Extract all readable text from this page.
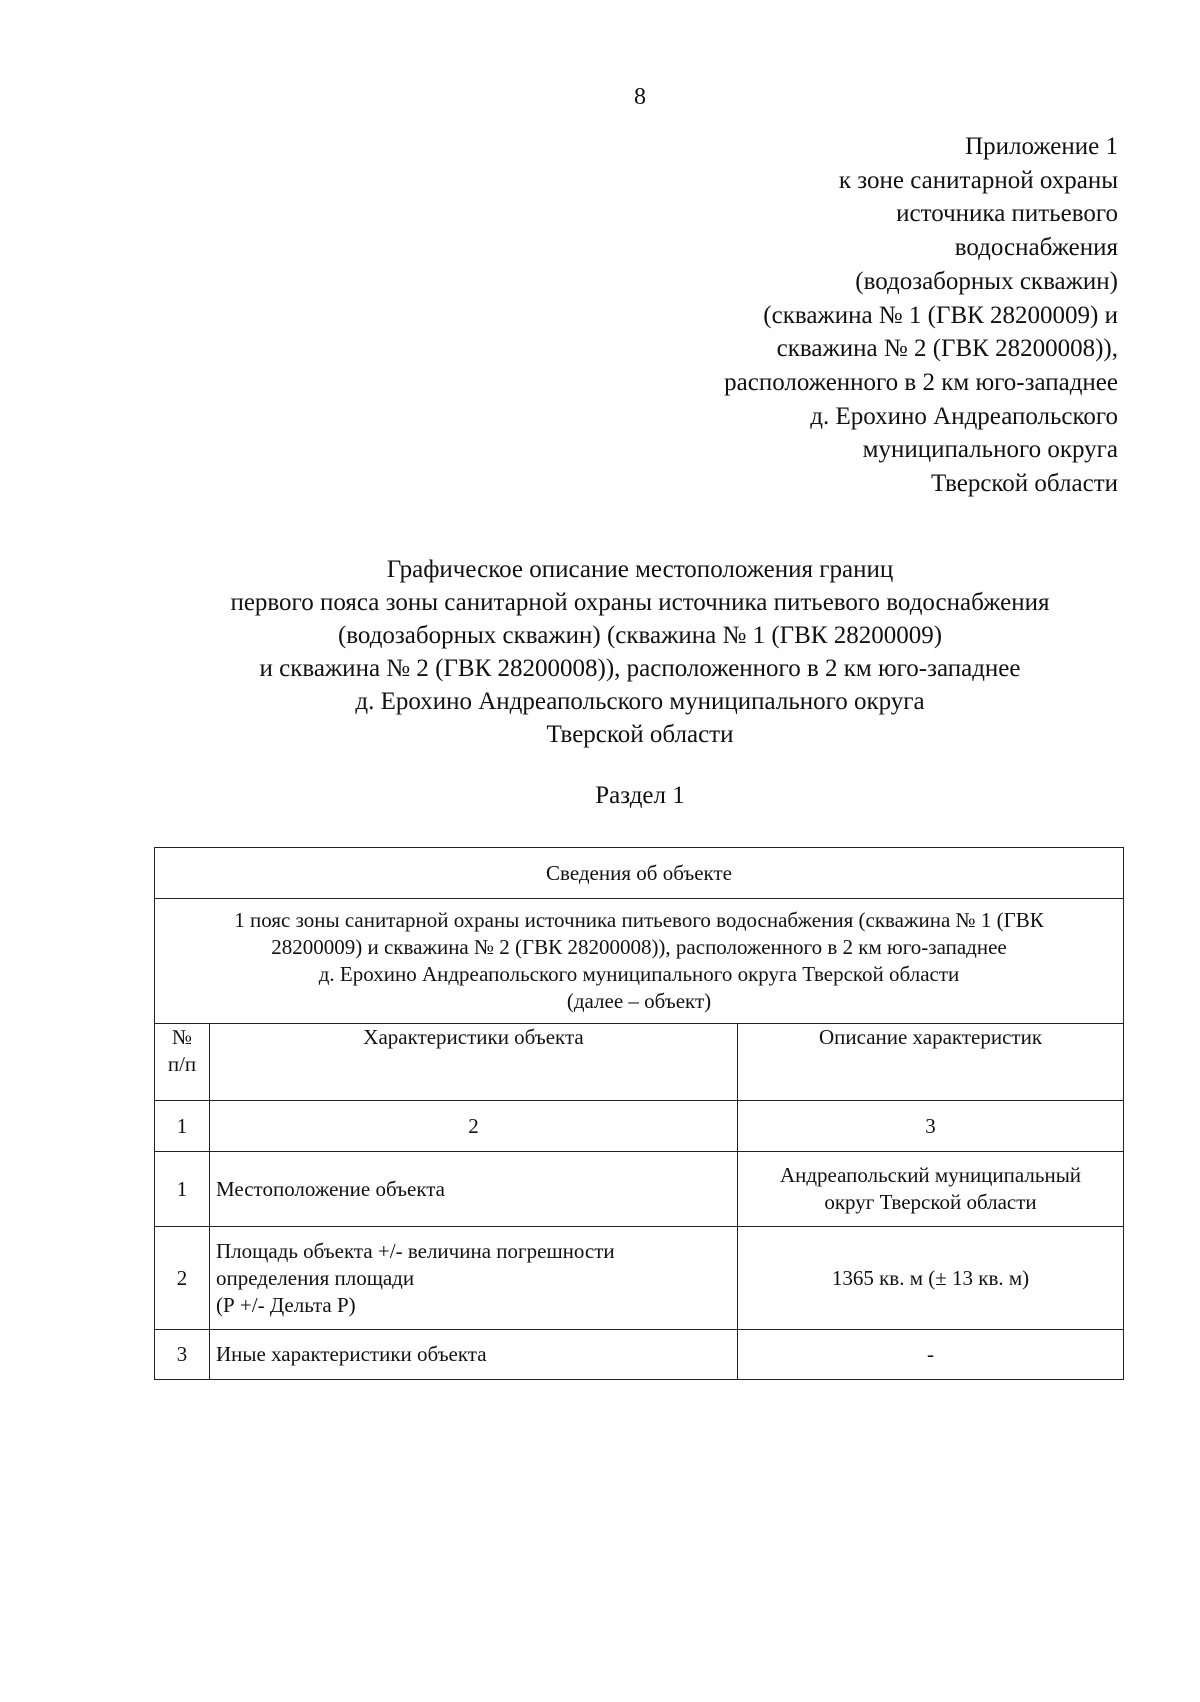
8
Приложение 1
к зоне санитарной охраны
источника питьевого
водоснабжения
(водозаборных скважин)
(скважина № 1 (ГВК 28200009) и
скважина № 2 (ГВК 28200008)),
расположенного в 2 км юго-западнее
д. Ерохино Андреапольского
муниципального округа
Тверской области
Графическое описание местоположения границ
первого пояса зоны санитарной охраны источника питьевого водоснабжения
(водозаборных скважин) (скважина № 1 (ГВК 28200009)
и скважина № 2 (ГВК 28200008)), расположенного в 2 км юго-западнее
д. Ерохино Андреапольского муниципального округа
Тверской области
Раздел 1
Сведения об объекте		

1 пояс зоны санитарной охраны источника питьевого водоснабжения (скважина № 1 (ГВК
28200009) и скважина № 2 (ГВК 28200008)), расположенного в 2 км юго-западнее
д. Ерохино Андреапольского муниципального округа Тверской области
(далее – объект)		

№
п/п	Характеристики объекта	Описание характеристик
1	2	3
1	Местоположение объекта	Андреапольский муниципальный
округ Тверской области

2	Площадь объекта +/- величина погрешности
определения площади
(Р +/- Дельта Р)	1365 кв. м (± 13 кв. м)

3	Иные характеристики объекта	-
